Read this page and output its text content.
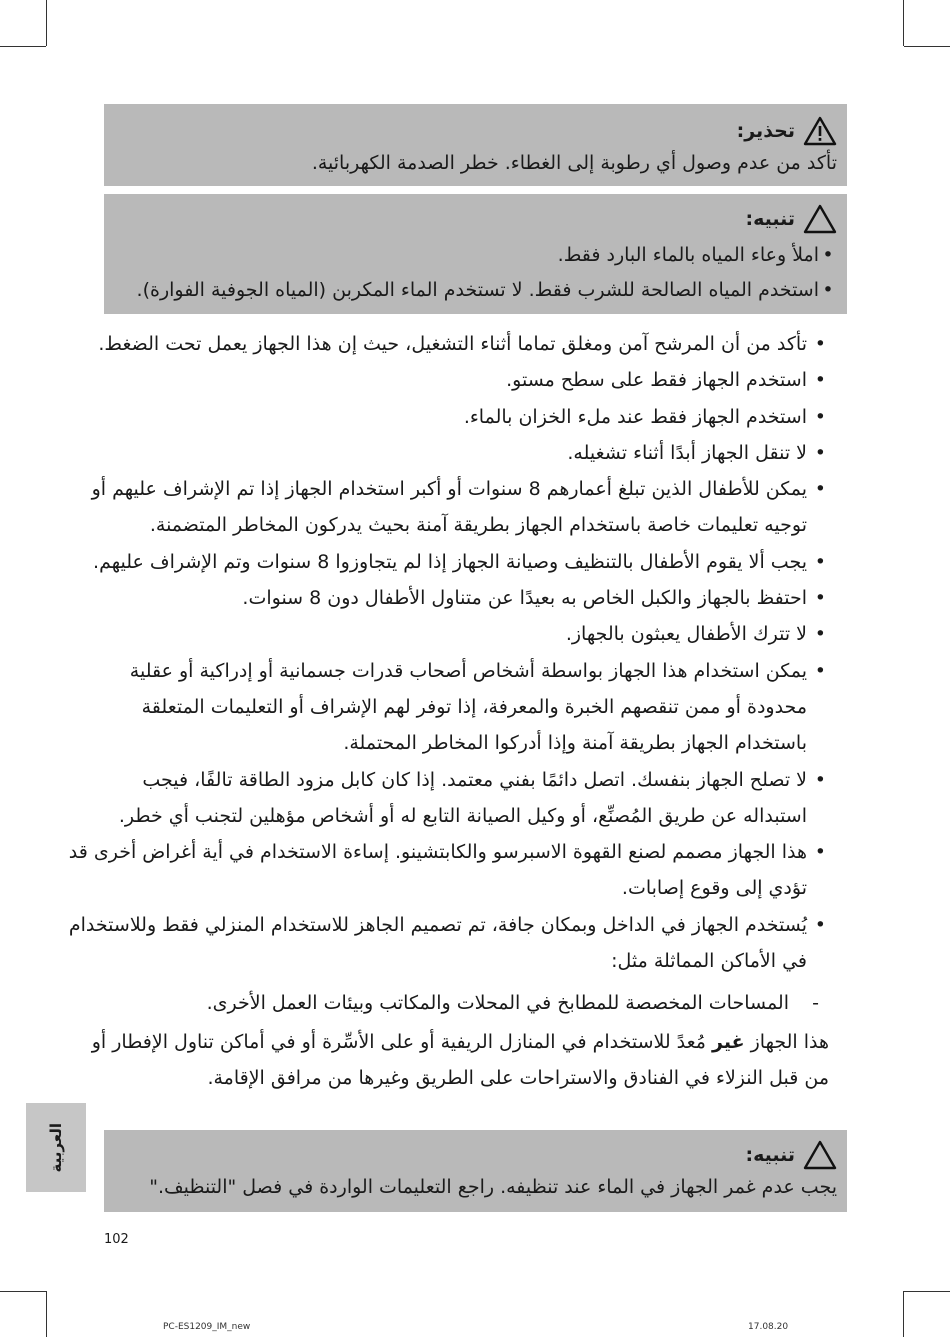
تحذير:
تأكد من عدم وصول أي رطوبة إلى الغطاء. خطر الصدمة الكهربائية.
تنبيه:
• املأ وعاء المياه بالماء البارد فقط.
• استخدم المياه الصالحة للشرب فقط. لا تستخدم الماء المكربن (المياه الجوفية الفوارة).
• تأكد من أن المرشح آمن ومغلق تماما أثناء التشغيل، حيث إن هذا الجهاز يعمل تحت الضغط.
• استخدم الجهاز فقط على سطح مستو.
• استخدم الجهاز فقط عند ملء الخزان بالماء.
• لا تنقل الجهاز أبدًا أثناء تشغيله.
• يمكن للأطفال الذين تبلغ أعمارهم 8 سنوات أو أكبر استخدام الجهاز إذا تم الإشراف عليهم أو
توجيه تعليمات خاصة باستخدام الجهاز بطريقة آمنة بحيث يدركون المخاطر المتضمنة.
• يجب ألا يقوم الأطفال بالتنظيف وصيانة الجهاز إذا لم يتجاوزوا 8 سنوات وتم الإشراف عليهم.
• احتفظ بالجهاز والكبل الخاص به بعيدًا عن متناول الأطفال دون 8 سنوات.
• لا تترك الأطفال يعبثون بالجهاز.
• يمكن استخدام هذا الجهاز بواسطة أشخاص أصحاب قدرات جسمانية أو إدراكية أو عقلية
محدودة أو ممن تنقصهم الخبرة والمعرفة، إذا توفر لهم الإشراف أو التعليمات المتعلقة
باستخدام الجهاز بطريقة آمنة وإذا أدركوا المخاطر المحتملة.
• لا تصلح الجهاز بنفسك. اتصل دائمًا بفني معتمد. إذا كان كابل مزود الطاقة تالفًا، فيجب
استبداله عن طريق المُصنِّع، أو وكيل الصيانة التابع له أو أشخاص مؤهلين لتجنب أي خطر.
• هذا الجهاز مصمم لصنع القهوة الاسبرسو والكابتشينو. إساءة الاستخدام في أية أغراض أخرى قد
تؤدي إلى وقوع إصابات.
• يُستخدم الجهاز في الداخل وبمكان جافة، تم تصميم الجاهز للاستخدام المنزلي فقط وللاستخدام
في الأماكن المماثلة مثل:
- المساحات المخصصة للمطابخ في المحلات والمكاتب وبيئات العمل الأخرى.
هذا الجهاز غير مُعدً للاستخدام في المنازل الريفية أو على الأسِّرة أو في أماكن تناول الإفطار أو
من قبل النزلاء في الفنادق والاستراحات على الطريق وغيرها من مرافق الإقامة.
تنبيه:
يجب عدم غمر الجهاز في الماء عند تنظيفه. راجع التعليمات الواردة في فصل "التنظيف."
العربية
102
PC-ES1209_IM_new	17.08.20
